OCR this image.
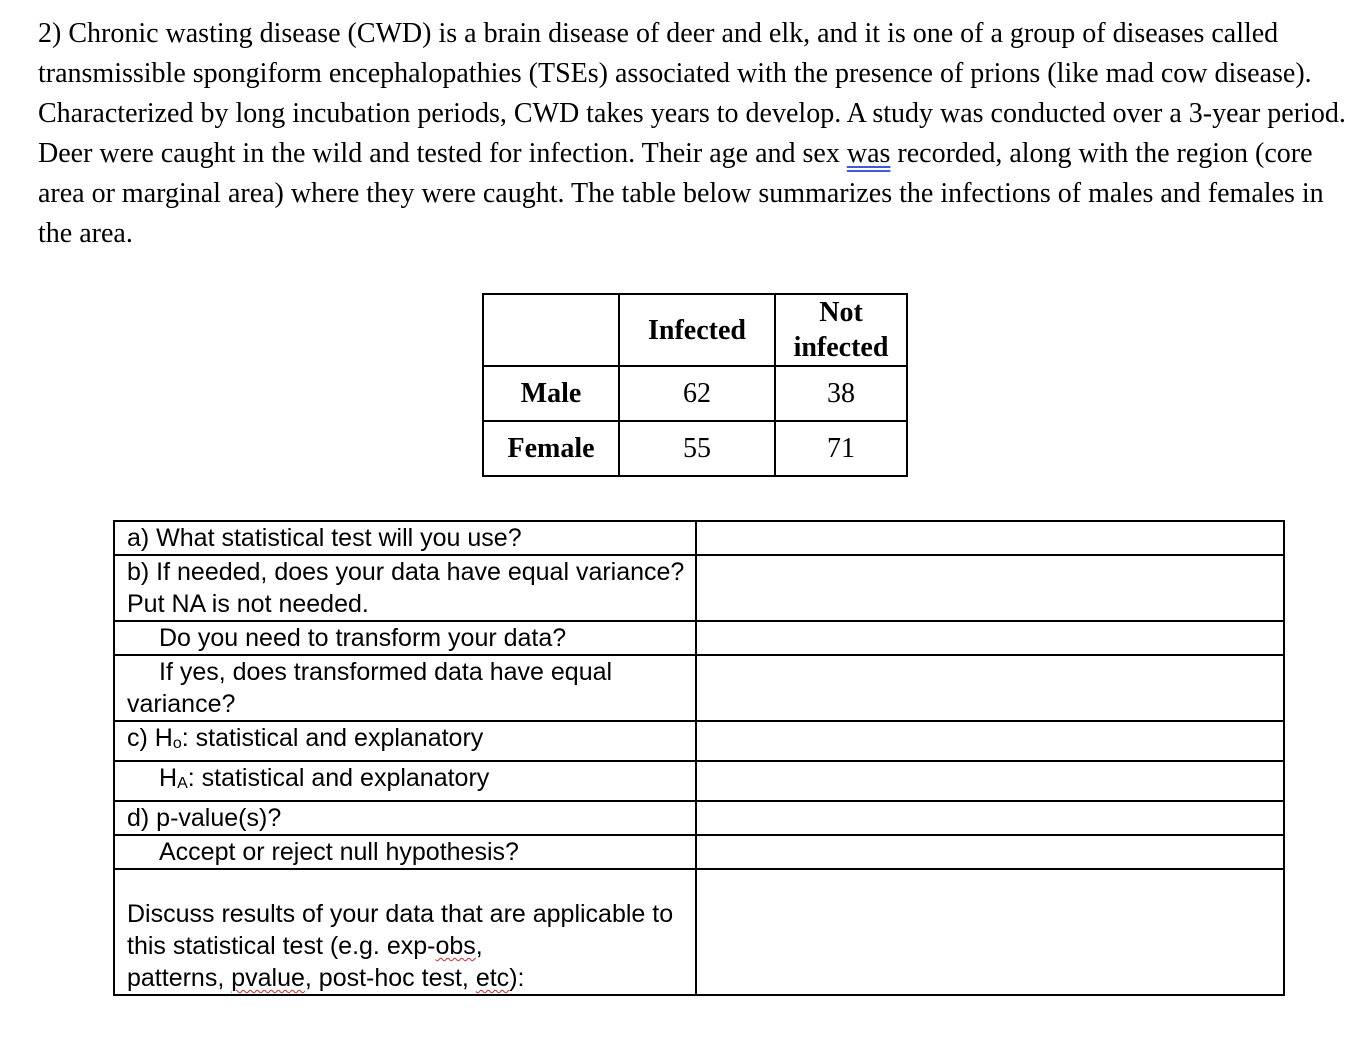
2) Chronic wasting disease (CWD) is a brain disease of deer and elk, and it is one of a group of diseases called transmissible spongiform encephalopathies (TSEs) associated with the presence of prions (like mad cow disease). Characterized by long incubation periods, CWD takes years to develop. A study was conducted over a 3-year period. Deer were caught in the wild and tested for infection. Their age and sex was recorded, along with the region (core area or marginal area) where they were caught. The table below summarizes the infections of males and females in the area.

	Infected	Not infected
Male	62	38
Female	55	71
a) What statistical test will you use?	
b) If needed, does your data have equal variance? Put NA is not needed.	

Do you need to transform your data?	

If yes, does transformed data have equal
variance?	
c) $H_o$: statistical and explanatory	

$H_A$: statistical and explanatory	

d) p-value(s)?	

Accept or reject null hypothesis?	

Discuss results of your data that are applicable to this statistical test (e.g. exp-obs,
patterns, pvalue, post-hoc test, etc):	
